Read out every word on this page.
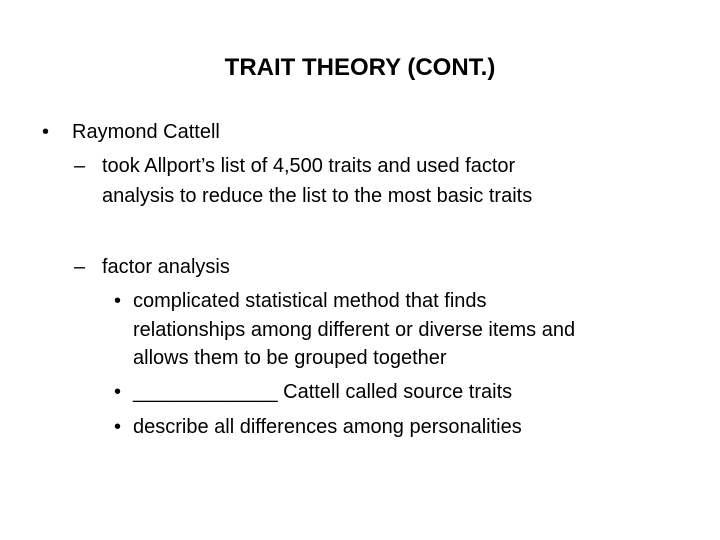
TRAIT THEORY (CONT.)
• Raymond Cattell
– took Allport’s list of 4,500 traits and used factor
analysis to reduce the list to the most basic traits
– factor analysis
• complicated statistical method that finds
relationships among different or diverse items and
allows them to be grouped together
• _____________ Cattell called source traits
• describe all differences among personalities
